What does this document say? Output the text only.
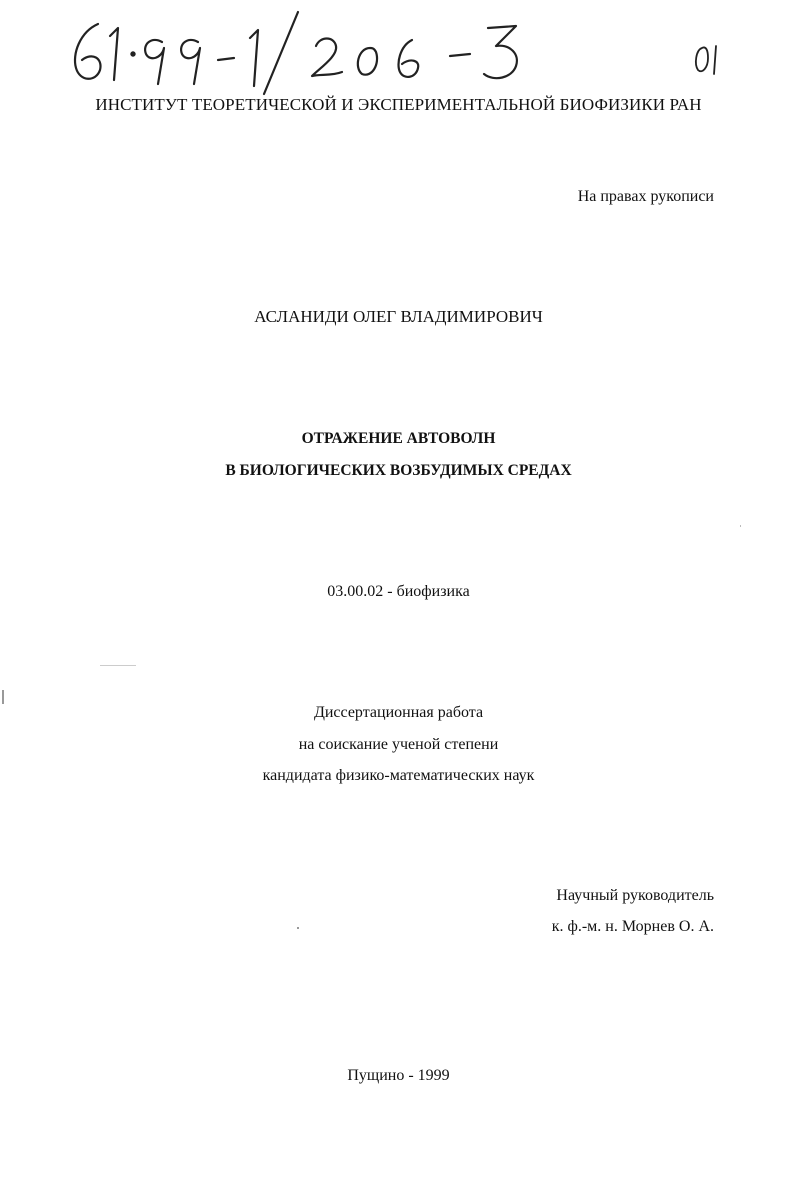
ИНСТИТУТ ТЕОРЕТИЧЕСКОЙ И ЭКСПЕРИМЕНТАЛЬНОЙ БИОФИЗИКИ РАН
На правах рукописи
АСЛАНИДИ ОЛЕГ ВЛАДИМИРОВИЧ
ОТРАЖЕНИЕ АВТОВОЛН
В БИОЛОГИЧЕСКИХ ВОЗБУДИМЫХ СРЕДАХ
03.00.02 - биофизика
Диссертационная работа
на соискание ученой степени
кандидата физико-математических наук
Научный руководитель
к. ф.-м. н. Морнев О. А.
Пущино - 1999
